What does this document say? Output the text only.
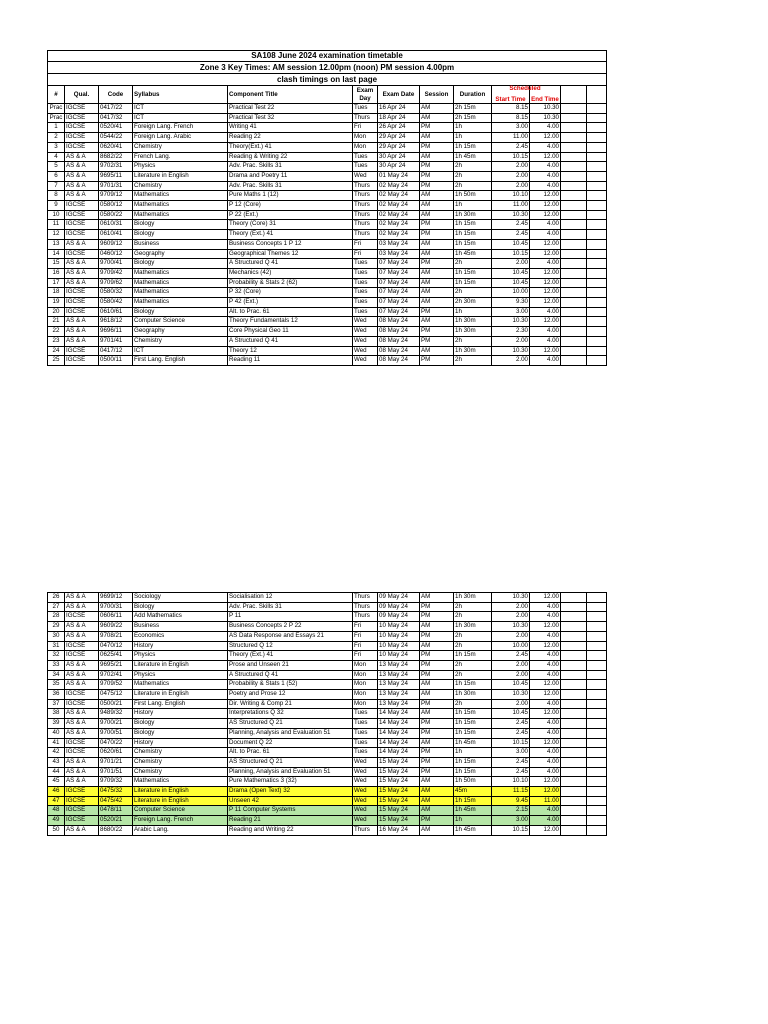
SA108 June 2024 examination timetable												
Zone 3 Key Times: AM session 12.00pm (noon) PM session 4.00pm												
clash timings on last page												
#	Qual.	Code	Syllabus	Component Title	Exam Day	Exam Date	Session	Duration	Start Time	End Time		
Prac	IGCSE	0417/22	ICT	Practical Test 22	Tues	16 Apr 24	AM	2h 15m	8.15	10.30		
Prac	IGCSE	0417/32	ICT	Practical Test 32	Thurs	18 Apr 24	AM	2h 15m	8.15	10.30		
1	IGCSE	0520/41	Foreign Lang. French	Writing 41	Fri	26 Apr 24	PM	1h	3.00	4.00		
2	IGCSE	0544/22	Foreign Lang. Arabic	Reading 22	Mon	29 Apr 24	AM	1h	11.00	12.00		
3	IGCSE	0620/41	Chemistry	Theory(Ext.) 41	Mon	29 Apr 24	PM	1h 15m	2.45	4.00		
4	AS & A	8682/22	French Lang.	Reading & Writing 22	Tues	30 Apr 24	AM	1h 45m	10.15	12.00		
5	AS & A	9702/31	Physics	Adv. Prac. Skills 31	Tues	30 Apr 24	PM	2h	2.00	4.00		
6	AS & A	9695/11	Literature in English	Drama and Poetry 11	Wed	01 May 24	PM	2h	2.00	4.00		
7	AS & A	9701/31	Chemistry	Adv. Prac. Skills 31	Thurs	02 May 24	PM	2h	2.00	4.00		
8	AS & A	9709/12	Mathematics	Pure Maths 1 (12)	Thurs	02 May 24	AM	1h 50m	10.10	12.00		
9	IGCSE	0580/12	Mathematics	P 12 (Core)	Thurs	02 May 24	AM	1h	11.00	12.00		
10	IGCSE	0580/22	Mathematics	P 22 (Ext.)	Thurs	02 May 24	AM	1h 30m	10.30	12.00		
11	IGCSE	0610/31	Biology	Theory (Core) 31	Thurs	02 May 24	PM	1h 15m	2.45	4.00		
12	IGCSE	0610/41	Biology	Theory (Ext.) 41	Thurs	02 May 24	PM	1h 15m	2.45	4.00		
13	AS & A	9609/12	Business	Business Concepts 1 P 12	Fri	03 May 24	AM	1h 15m	10.45	12.00		
14	IGCSE	0460/12	Geography	Geographical Themes 12	Fri	03 May 24	AM	1h 45m	10.15	12.00		
15	AS & A	9700/41	Biology	A Structured Q 41	Tues	07 May 24	PM	2h	2.00	4.00		
16	AS & A	9709/42	Mathematics	Mechanics (42)	Tues	07 May 24	AM	1h 15m	10.45	12.00		
17	AS & A	9709/62	Mathematics	Probability & Stats 2 (62)	Tues	07 May 24	AM	1h 15m	10.45	12.00		
18	IGCSE	0580/32	Mathematics	P 32 (Core)	Tues	07 May 24	AM	2h	10.00	12.00		
19	IGCSE	0580/42	Mathematics	P 42 (Ext.)	Tues	07 May 24	AM	2h 30m	9.30	12.00		
20	IGCSE	0610/61	Biology	Alt. to Prac. 61	Tues	07 May 24	PM	1h	3.00	4.00		
21	AS & A	9618/12	Computer Science	Theory Fundamentals 12	Wed	08 May 24	AM	1h 30m	10.30	12.00		
22	AS & A	9696/11	Geography	Core Physical Geo 11	Wed	08 May 24	PM	1h 30m	2.30	4.00		
23	AS & A	9701/41	Chemistry	A Structured Q 41	Wed	08 May 24	PM	2h	2.00	4.00		
24	IGCSE	0417/12	ICT	Theory 12	Wed	08 May 24	AM	1h 30m	10.30	12.00		
25	IGCSE	0500/11	First Lang. English	Reading 11	Wed	08 May 24	PM	2h	2.00	4.00		
Scheduled
26	AS & A	9699/12	Sociology	Socialisation 12	Thurs	09 May 24	AM	1h 30m	10.30	12.00		
27	AS & A	9700/31	Biology	Adv. Prac. Skills 31	Thurs	09 May 24	PM	2h	2.00	4.00		
28	IGCSE	0606/11	Add Mathematics	P 11	Thurs	09 May 24	PM	2h	2.00	4.00		
29	AS & A	9609/22	Business	Business Concepts 2 P 22	Fri	10 May 24	AM	1h 30m	10.30	12.00		
30	AS & A	9708/21	Economics	AS Data Response and Essays 21	Fri	10 May 24	PM	2h	2.00	4.00		
31	IGCSE	0470/12	History	Structured Q 12	Fri	10 May 24	AM	2h	10.00	12.00		
32	IGCSE	0625/41	Physics	Theory (Ext.) 41	Fri	10 May 24	PM	1h 15m	2.45	4.00		
33	AS & A	9695/21	Literature in English	Prose and Unseen 21	Mon	13 May 24	PM	2h	2.00	4.00		
34	AS & A	9702/41	Physics	A Structured Q 41	Mon	13 May 24	PM	2h	2.00	4.00		
35	AS & A	9709/52	Mathematics	Probability & Stats 1 (52)	Mon	13 May 24	AM	1h 15m	10.45	12.00		
36	IGCSE	0475/12	Literature in English	Poetry and Prose 12	Mon	13 May 24	AM	1h 30m	10.30	12.00		
37	IGCSE	0500/21	First Lang. English	Dir. Writing & Comp 21	Mon	13 May 24	PM	2h	2.00	4.00		
38	AS & A	9489/32	History	Interpretations Q 32	Tues	14 May 24	AM	1h 15m	10.45	12.00		
39	AS & A	9700/21	Biology	AS Structured Q 21	Tues	14 May 24	PM	1h 15m	2.45	4.00		
40	AS & A	9700/51	Biology	Planning, Analysis and Evaluation 51	Tues	14 May 24	PM	1h 15m	2.45	4.00		
41	IGCSE	0470/22	History	Document Q 22	Tues	14 May 24	AM	1h 45m	10.15	12.00		
42	IGCSE	0620/61	Chemistry	Alt. to Prac. 61	Tues	14 May 24	PM	1h	3.00	4.00		
43	AS & A	9701/21	Chemistry	AS Structured Q 21	Wed	15 May 24	PM	1h 15m	2.45	4.00		
44	AS & A	9701/51	Chemistry	Planning, Analysis and Evaluation 51	Wed	15 May 24	PM	1h 15m	2.45	4.00		
45	AS & A	9709/32	Mathematics	Pure Mathematics 3 (32)	Wed	15 May 24	AM	1h 50m	10.10	12.00		
46	IGCSE	0475/32	Literature in English	Drama (Open Text) 32	Wed	15 May 24	AM	45m	11.15	12.00		
47	IGCSE	0475/42	Literature in English	Unseen 42	Wed	15 May 24	AM	1h 15m	9.45	11.00		
48	IGCSE	0478/11	Computer Science	P 11 Computer Systems	Wed	15 May 24	AM	1h 45m	2.15	4.00		
49	IGCSE	0520/21	Foreign Lang. French	Reading 21	Wed	15 May 24	PM	1h	3.00	4.00		
50	AS & A	8680/22	Arabic Lang.	Reading and Writing 22	Thurs	16 May 24	AM	1h 45m	10.15	12.00		
